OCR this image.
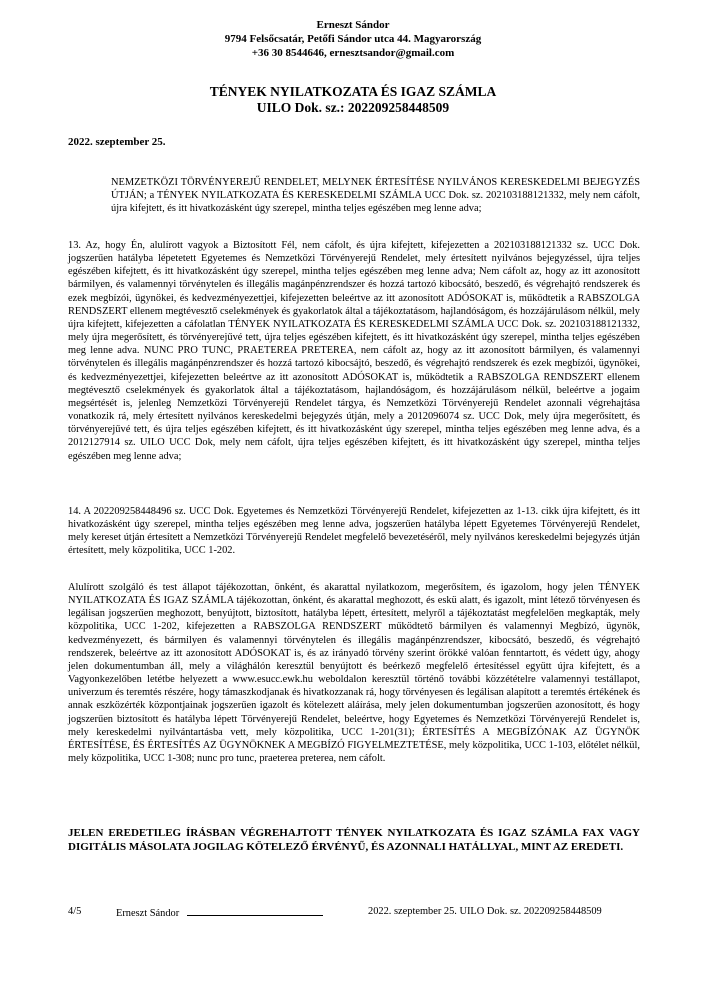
Erneszt Sándor
9794 Felsőcsatár, Petőfi Sándor utca 44. Magyarország
+36 30 8544646, ernesztsandor@gmail.com
TÉNYEK NYILATKOZATA ÉS IGAZ SZÁMLA
UILO Dok. sz.: 202209258448509
2022. szeptember 25.

NEMZETKÖZI TÖRVÉNYEREJŰ RENDELET, MELYNEK ÉRTESÍTÉSE NYILVÁNOS KERESKEDELMI BEJEGYZÉS ÚTJÁN; a TÉNYEK NYILATKOZATA ÉS KERESKEDELMI SZÁMLA UCC Dok. sz. 202103188121332, mely nem cáfolt, újra kifejtett, és itt hivatkozásként úgy szerepel, mintha teljes egészében meg lenne adva;

13. Az, hogy Én, alulírott vagyok a Biztosított Fél, nem cáfolt, és újra kifejtett, kifejezetten a 202103188121332 sz. UCC Dok. jogszerűen hatályba lépetetett Egyetemes és Nemzetközi Törvényerejű Rendelet, mely értesített nyilvános bejegyzéssel, újra teljes egészében kifejtett, és itt hivatkozásként úgy szerepel, mintha teljes egészében meg lenne adva; Nem cáfolt az, hogy az itt azonosított bármilyen, és valamennyi törvénytelen és illegális magánpénzrendszer és hozzá tartozó kibocsátó, beszedő, és végrehajtó rendszerek és ezek megbízói, ügynökei, és kedvezményezettjei, kifejezetten beleértve az itt azonosított ADÓSOKAT is, működtetik a RABSZOLGA RENDSZERT ellenem megtévesztő cselekmények és gyakorlatok által a tájékoztatásom, hajlandóságom, és hozzájárulásom nélkül, mely újra kifejtett, kifejezetten a cáfolatlan TÉNYEK NYILATKOZATA ÉS KERESKEDELMI SZÁMLA UCC Dok. sz. 202103188121332, mely újra megerősített, és törvényerejűvé tett, újra teljes egészében kifejtett, és itt hivatkozásként úgy szerepel, mintha teljes egészében meg lenne adva. NUNC PRO TUNC, PRAETEREA PRETEREA, nem cáfolt az, hogy az itt azonosított bármilyen, és valamennyi törvénytelen és illegális magánpénzrendszer és hozzá tartozó kibocsájtó, beszedő, és végrehajtó rendszerek és ezek megbízói, ügynökei, és kedvezményezettjei, kifejezetten beleértve az itt azonosított ADÓSOKAT is, működtetik a RABSZOLGA RENDSZERT ellenem megtévesztő cselekmények és gyakorlatok által a tájékoztatásom, hajlandóságom, és hozzájárulásom nélkül, beleértve a jogaim megsértését is, jelenleg Nemzetközi Törvényerejű Rendelet tárgya, és Nemzetközi Törvényerejű Rendelet azonnali végrehajtása vonatkozik rá, mely értesített nyilvános kereskedelmi bejegyzés útján, mely a 2012096074 sz. UCC Dok, mely újra megerősített, és törvényerejűvé tett, és újra teljes egészében kifejtett, és itt hivatkozásként úgy szerepel, mintha teljes egészében meg lenne adva, és a 2012127914 sz. UILO UCC Dok, mely nem cáfolt, újra teljes egészében kifejtett, és itt hivatkozásként úgy szerepel, mintha teljes egészében meg lenne adva;

14. A 202209258448496 sz. UCC Dok. Egyetemes és Nemzetközi Törvényerejű Rendelet, kifejezetten az 1-13. cikk újra kifejtett, és itt hivatkozásként úgy szerepel, mintha teljes egészében meg lenne adva, jogszerűen hatályba lépett Egyetemes Törvényerejű Rendelet, mely kereset útján értesített a Nemzetközi Törvényerejű Rendelet megfelelő bevezetéséről, mely nyilvános kereskedelmi bejegyzés útján értesített, mely közpolitika, UCC 1-202.

Alulírott szolgáló és test állapot tájékozottan, önként, és akarattal nyilatkozom, megerősítem, és igazolom, hogy jelen TÉNYEK NYILATKOZATA ÉS IGAZ SZÁMLA tájékozottan, önként, és akarattal meghozott, és eskü alatt, és igazolt, mint létező törvényesen és legálisan jogszerűen meghozott, benyújtott, biztosított, hatályba lépett, értesített, melyről a tájékoztatást megfelelően megkapták, mely közpolitika, UCC 1-202, kifejezetten a RABSZOLGA RENDSZERT működtető bármilyen és valamennyi Megbízó, ügynök, kedvezményezett, és bármilyen és valamennyi törvénytelen és illegális magánpénzrendszer, kibocsátó, beszedő, és végrehajtó rendszerek, beleértve az itt azonosított ADÓSOKAT is, és az irányadó törvény szerint örökké valóan fenntartott, és védett úgy, ahogy jelen dokumentumban áll, mely a világhálón keresztül benyújtott és beérkező megfelelő értesítéssel együtt újra kifejtett, és a Vagyonkezelőben letétbe helyezett a www.esucc.ewk.hu weboldalon keresztül történő további közzétételre valamennyi testállapot, univerzum és teremtés részére, hogy támaszkodjanak és hivatkozzanak rá, hogy törvényesen és legálisan alapított a teremtés értékének és annak eszközérték központjainak jogszerűen igazolt és kötelezett aláírása, mely jelen dokumentumban jogszerűen azonosított, és hogy jogszerűen biztosított és hatályba lépett Törvényerejű Rendelet, beleértve, hogy Egyetemes és Nemzetközi Törvényerejű Rendelet is, mely kereskedelmi nyilvántartásba vett, mely közpolitika, UCC 1-201(31); ÉRTESÍTÉS A MEGBÍZÓNAK AZ ÜGYNÖK ÉRTESÍTÉSE, ÉS ÉRTESÍTÉS AZ ÜGYNÖKNEK A MEGBÍZÓ FIGYELMEZTETÉSE, mely közpolitika, UCC 1-103, előtélet nélkül, mely közpolitika, UCC 1-308; nunc pro tunc, praeterea preterea, nem cáfolt.

JELEN EREDETILEG ÍRÁSBAN VÉGREHAJTOTT TÉNYEK NYILATKOZATA ÉS IGAZ SZÁMLA FAX VAGY DIGITÁLIS MÁSOLATA JOGILAG KÖTELEZŐ ÉRVÉNYŰ, ÉS AZONNALI HATÁLLYAL, MINT AZ EREDETI.

4/5	Erneszt Sándor	2022. szeptember 25. UILO Dok. sz. 202209258448509
